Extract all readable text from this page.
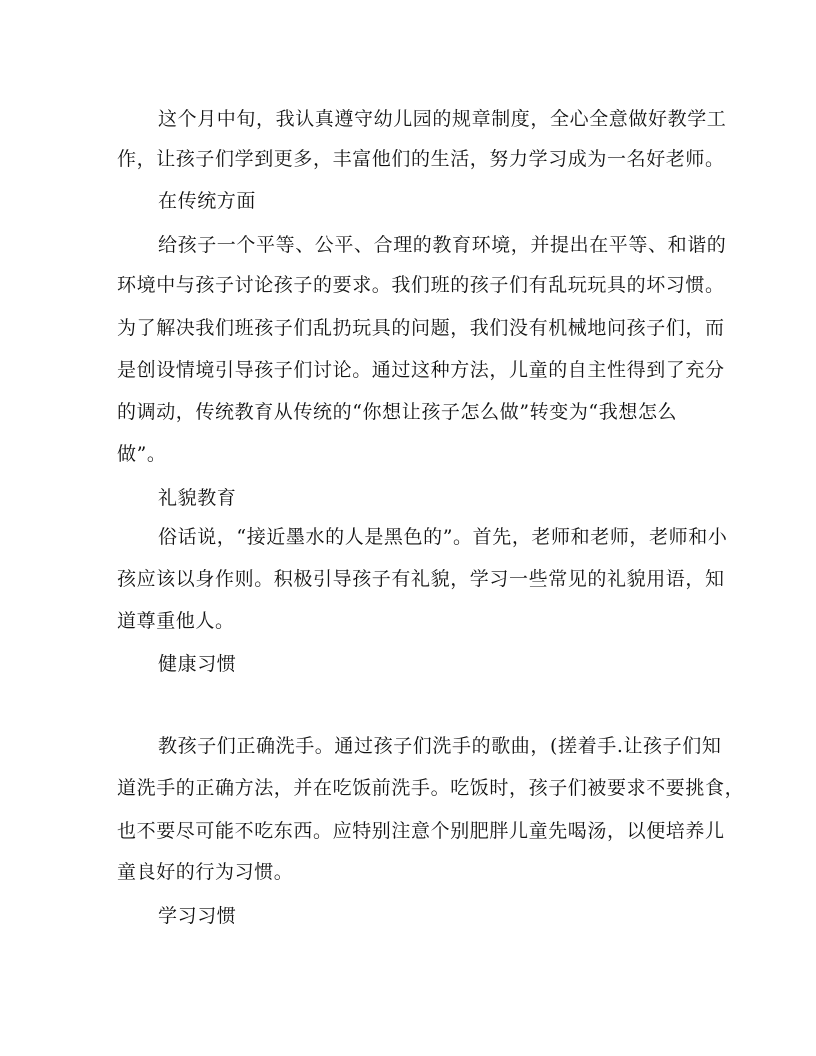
这个月中旬，我认真遵守幼儿园的规章制度，全心全意做好教学工
作，让孩子们学到更多，丰富他们的生活，努力学习成为一名好老师。
在传统方面
给孩子一个平等、公平、合理的教育环境，并提出在平等、和谐的
环境中与孩子讨论孩子的要求。我们班的孩子们有乱玩玩具的坏习惯。
为了解决我们班孩子们乱扔玩具的问题，我们没有机械地问孩子们，而
是创设情境引导孩子们讨论。通过这种方法，儿童的自主性得到了充分
的调动，传统教育从传统的“你想让孩子怎么做”转变为“我想怎么
做”。
礼貌教育
俗话说，“接近墨水的人是黑色的”。首先，老师和老师，老师和小
孩应该以身作则。积极引导孩子有礼貌，学习一些常见的礼貌用语，知
道尊重他人。
健康习惯
教孩子们正确洗手。通过孩子们洗手的歌曲，(搓着手.让孩子们知
道洗手的正确方法，并在吃饭前洗手。吃饭时，孩子们被要求不要挑食，
也不要尽可能不吃东西。应特别注意个别肥胖儿童先喝汤，以便培养儿
童良好的行为习惯。
学习习惯
